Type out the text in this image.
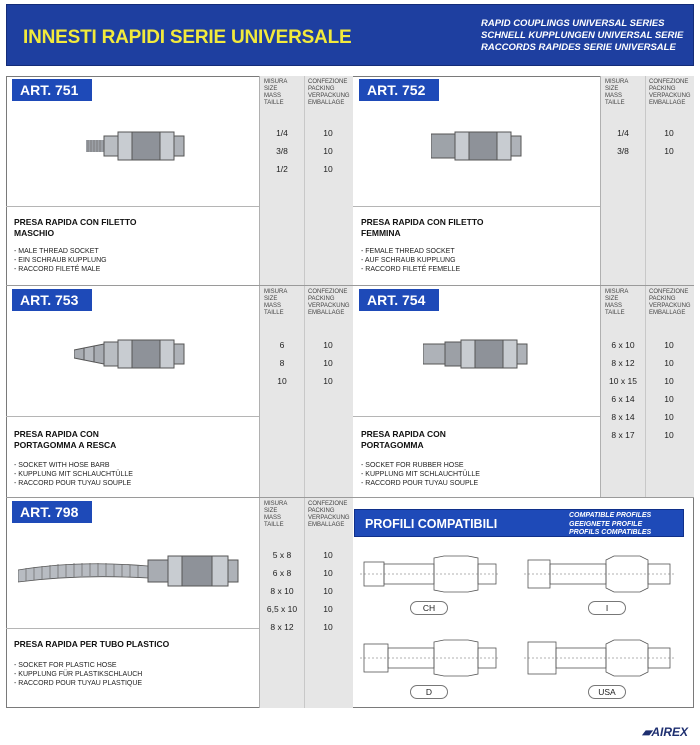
INNESTI RAPIDI SERIE UNIVERSALE
RAPID COUPLINGS UNIVERSAL SERIES
SCHNELL KUPPLUNGEN UNIVERSAL SERIE
RACCORDS RAPIDES SERIE UNIVERSALE
ART. 751	MISURA
SIZE
MASS
TAILLE
CONFEZIONE
PACKING
VERPACKUNG
EMBALLAGE
1/4	10
3/8	10
1/2	10
PRESA RAPIDA CON FILETTO
MASCHIO
- MALE THREAD SOCKET
- EIN SCHRAUB KUPPLUNG
- RACCORD FILETÉ MALE
ART. 752	MISURA
SIZE
MASS
TAILLE
CONFEZIONE
PACKING
VERPACKUNG
EMBALLAGE
1/4	10
3/8	10
PRESA RAPIDA CON FILETTO
FEMMINA
- FEMALE THREAD SOCKET
- AUF SCHRAUB KUPPLUNG
- RACCORD FILETÉ FEMELLE
ART. 753	MISURA
SIZE
MASS
TAILLE
CONFEZIONE
PACKING
VERPACKUNG
EMBALLAGE
6	10
8	10
10	10
PRESA RAPIDA CON
PORTAGOMMA A RESCA
- SOCKET WITH HOSE BARB
- KUPPLUNG MIT SCHLAUCHTÜLLE
- RACCORD POUR TUYAU SOUPLE
ART. 754	MISURA
SIZE
MASS
TAILLE
CONFEZIONE
PACKING
VERPACKUNG
EMBALLAGE
6 x 10	10
8 x 12	10
10 x 15	10
6 x 14	10
8 x 14	10
8 x 17	10
PRESA RAPIDA CON
PORTAGOMMA
- SOCKET FOR RUBBER HOSE
- KUPPLUNG MIT SCHLAUCHTÜLLE
- RACCORD POUR TUYAU SOUPLE
ART. 798	MISURA
SIZE
MASS
TAILLE
CONFEZIONE
PACKING
VERPACKUNG
EMBALLAGE
5 x 8	10
6 x 8	10
8 x 10	10
6,5 x 10	10
8 x 12	10
PRESA RAPIDA PER TUBO PLASTICO
- SOCKET FOR PLASTIC HOSE
- KUPPLUNG FÜR PLASTIKSCHLAUCH
- RACCORD POUR TUYAU PLASTIQUE
PROFILI COMPATIBILI
COMPATIBLE PROFILES
GEEIGNETE PROFILE
PROFILS COMPATIBLES
CH	I
D	USA
▰AIREX
